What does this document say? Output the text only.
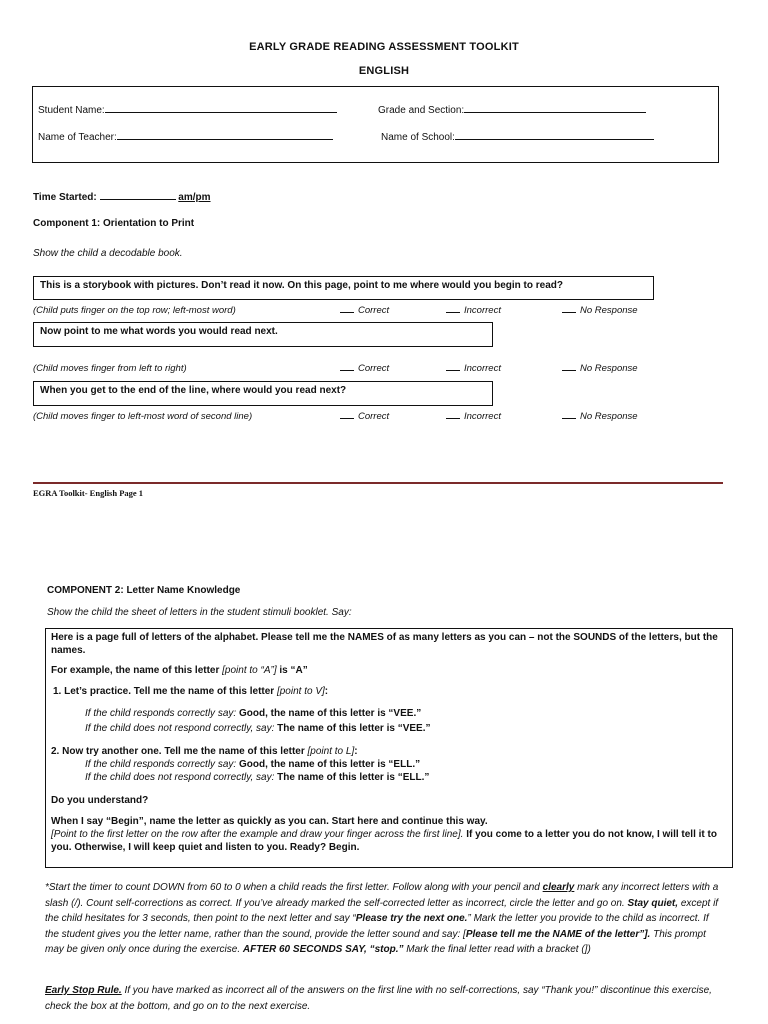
EARLY GRADE READING ASSESSMENT TOOLKIT
ENGLISH
Student Name:	Grade and Section:
Name of Teacher:	Name of School:
Time Started:	am/pm
Component 1: Orientation to Print
Show the child a decodable book.
This is a storybook with pictures. Don’t read it now. On this page, point to me where would you begin to read?
(Child puts finger on the top row; left-most word)	Correct	Incorrect	No Response
Now point to me what words you would read next.
(Child moves finger from left to right)	Correct	Incorrect	No Response
When you get to the end of the line, where would you read next?
(Child moves finger to left-most word of second line)	Correct	Incorrect	No Response
EGRA Toolkit- English Page 1
COMPONENT 2: Letter Name Knowledge
Show the child the sheet of letters in the student stimuli booklet. Say:

Here is a page full of letters of the alphabet. Please tell me the NAMES of as many letters as you can – not the SOUNDS of the letters, but the names.

For example, the name of this letter [point to “A”] is “A”

1. Let’s practice. Tell me the name of this letter [point to V]:

If the child responds correctly say: Good, the name of this letter is “VEE.”

If the child does not respond correctly, say: The name of this letter is “VEE.”

2. Now try another one. Tell me the name of this letter [point to L]:

If the child responds correctly say: Good, the name of this letter is “ELL.”

If the child does not respond correctly, say: The name of this letter is “ELL.”

Do you understand?

When I say “Begin”, name the letter as quickly as you can. Start here and continue this way.

[Point to the first letter on the row after the example and draw your finger across the first line]. If you come to a letter you do not know, I will tell it to you. Otherwise, I will keep quiet and listen to you. Ready? Begin.

*Start the timer to count DOWN from 60 to 0 when a child reads the first letter. Follow along with your pencil and clearly mark any incorrect letters with a slash (/). Count self-corrections as correct. If you’ve already marked the self-corrected letter as incorrect, circle the letter and go on. Stay quiet, except if the child hesitates for 3 seconds, then point to the next letter and say “Please try the next one.” Mark the letter you provide to the child as incorrect. If the student gives you the letter name, rather than the sound, provide the letter sound and say: [Please tell me the NAME of the letter”]. This prompt may be given only once during the exercise. AFTER 60 SECONDS SAY, “stop.” Mark the final letter read with a bracket (])

Early Stop Rule. If you have marked as incorrect all of the answers on the first line with no self-corrections, say “Thank you!” discontinue this exercise, check the box at the bottom, and go on to the next exercise.
